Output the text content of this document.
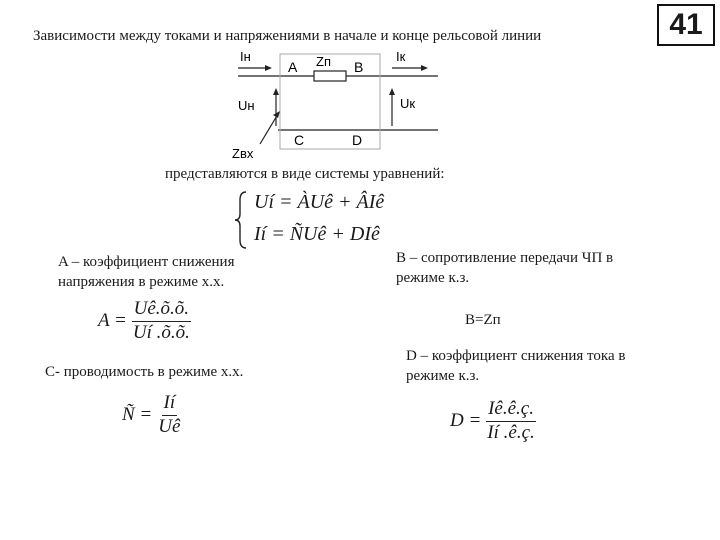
Зависимости между токами и напряжениями в начале и конце рельсовой линии	41
Iн
A Zп B
Iк
Uн	Uк
C	D
Zвх
представляются в виде системы уравнений:
Uí = ÀUê + ÂIê
Ií = ÑUê + DIê
A – коэффициент снижения напряжения в режиме х.х.
$A = \frac{Uê.õ.õ.}{Uí .õ.õ.}$
B – сопротивление передачи ЧП в режиме к.з.
B=Zп
C- проводимость в режиме х.х.
Ñ = $\frac{Ií}{Uê}$
D – коэффициент снижения тока в режиме к.з.
$D = \frac{Iê.ê.ç.}{Ií .ê.ç.}$
